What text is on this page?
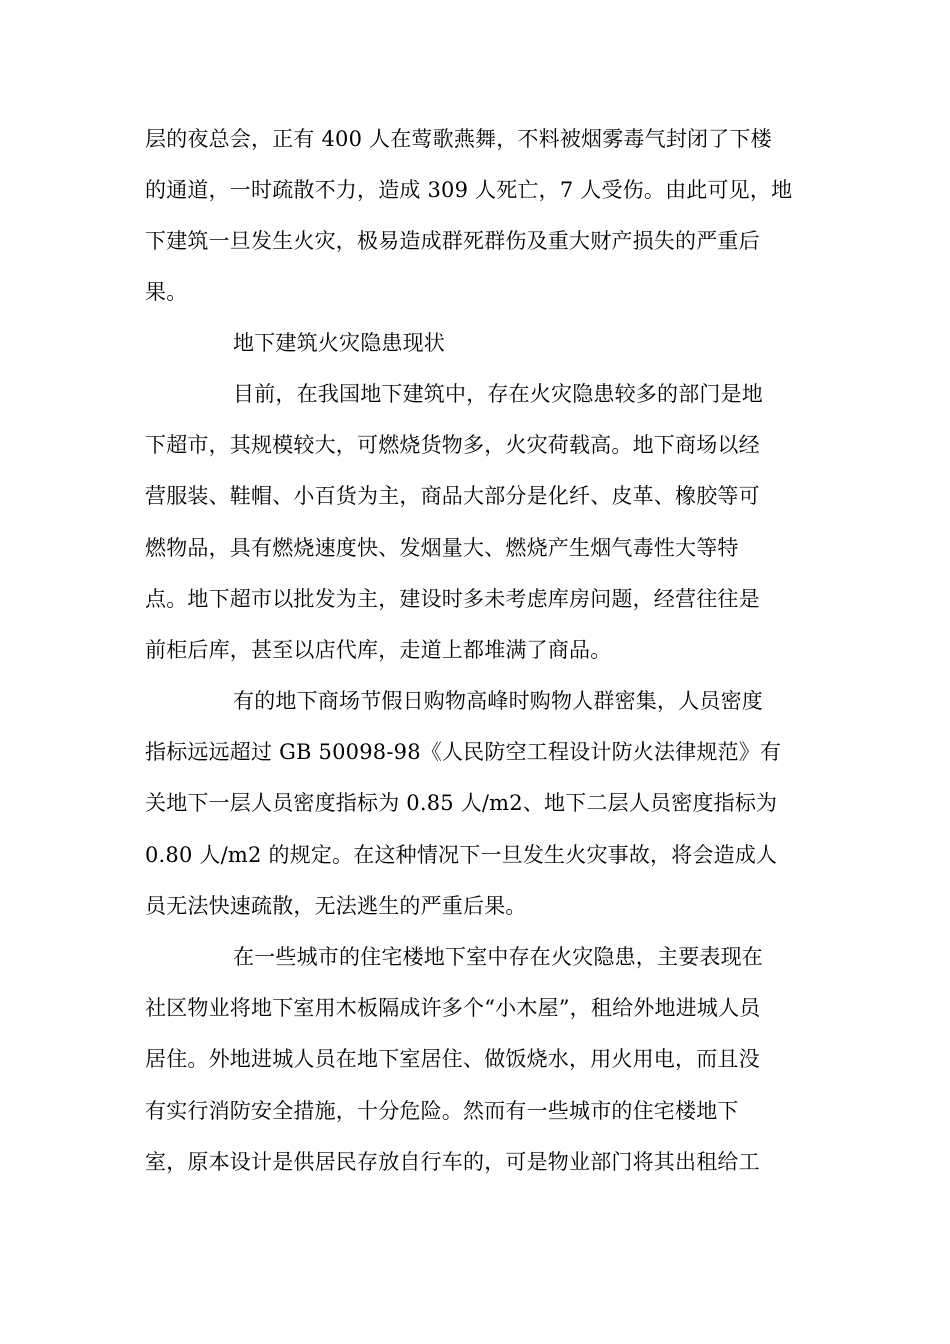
层的夜总会，正有 400 人在莺歌燕舞，不料被烟雾毒气封闭了下楼
的通道，一时疏散不力，造成 309 人死亡，7 人受伤。由此可见，地
下建筑一旦发生火灾，极易造成群死群伤及重大财产损失的严重后
果。
地下建筑火灾隐患现状
目前，在我国地下建筑中，存在火灾隐患较多的部门是地
下超市，其规模较大，可燃烧货物多，火灾荷载高。地下商场以经
营服装、鞋帽、小百货为主，商品大部分是化纤、皮革、橡胶等可
燃物品，具有燃烧速度快、发烟量大、燃烧产生烟气毒性大等特
点。地下超市以批发为主，建设时多未考虑库房问题，经营往往是
前柜后库，甚至以店代库，走道上都堆满了商品。
有的地下商场节假日购物高峰时购物人群密集，人员密度
指标远远超过 GB 50098-98《人民防空工程设计防火法律规范》有
关地下一层人员密度指标为 0.85 人/m2、地下二层人员密度指标为
0.80 人/m2 的规定。在这种情况下一旦发生火灾事故，将会造成人
员无法快速疏散，无法逃生的严重后果。
在一些城市的住宅楼地下室中存在火灾隐患，主要表现在
社区物业将地下室用木板隔成许多个“小木屋”，租给外地进城人员
居住。外地进城人员在地下室居住、做饭烧水，用火用电，而且没
有实行消防安全措施，十分危险。然而有一些城市的住宅楼地下
室，原本设计是供居民存放自行车的，可是物业部门将其出租给工
